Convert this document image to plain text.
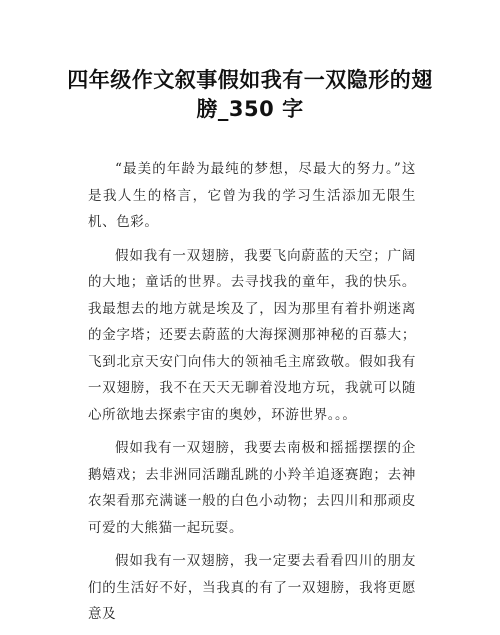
四年级作文叙事假如我有一双隐形的翅膀_350 字

“最美的年龄为最纯的梦想，尽最大的努力。”这是我人生的格言，它曾为我的学习生活添加无限生机、色彩。

假如我有一双翅膀，我要飞向蔚蓝的天空；广阔的大地；童话的世界。去寻找我的童年，我的快乐。我最想去的地方就是埃及了，因为那里有着扑朔迷离的金字塔；还要去蔚蓝的大海探测那神秘的百慕大；飞到北京天安门向伟大的领袖毛主席致敬。假如我有一双翅膀，我不在天天无聊着没地方玩，我就可以随心所欲地去探索宇宙的奥妙，环游世界。。。

假如我有一双翅膀，我要去南极和摇摇摆摆的企鹅嬉戏；去非洲同活蹦乱跳的小羚羊追逐赛跑；去神农架看那充满谜一般的白色小动物；去四川和那顽皮可爱的大熊猫一起玩耍。

假如我有一双翅膀，我一定要去看看四川的朋友们的生活好不好，当我真的有了一双翅膀，我将更愿意及
